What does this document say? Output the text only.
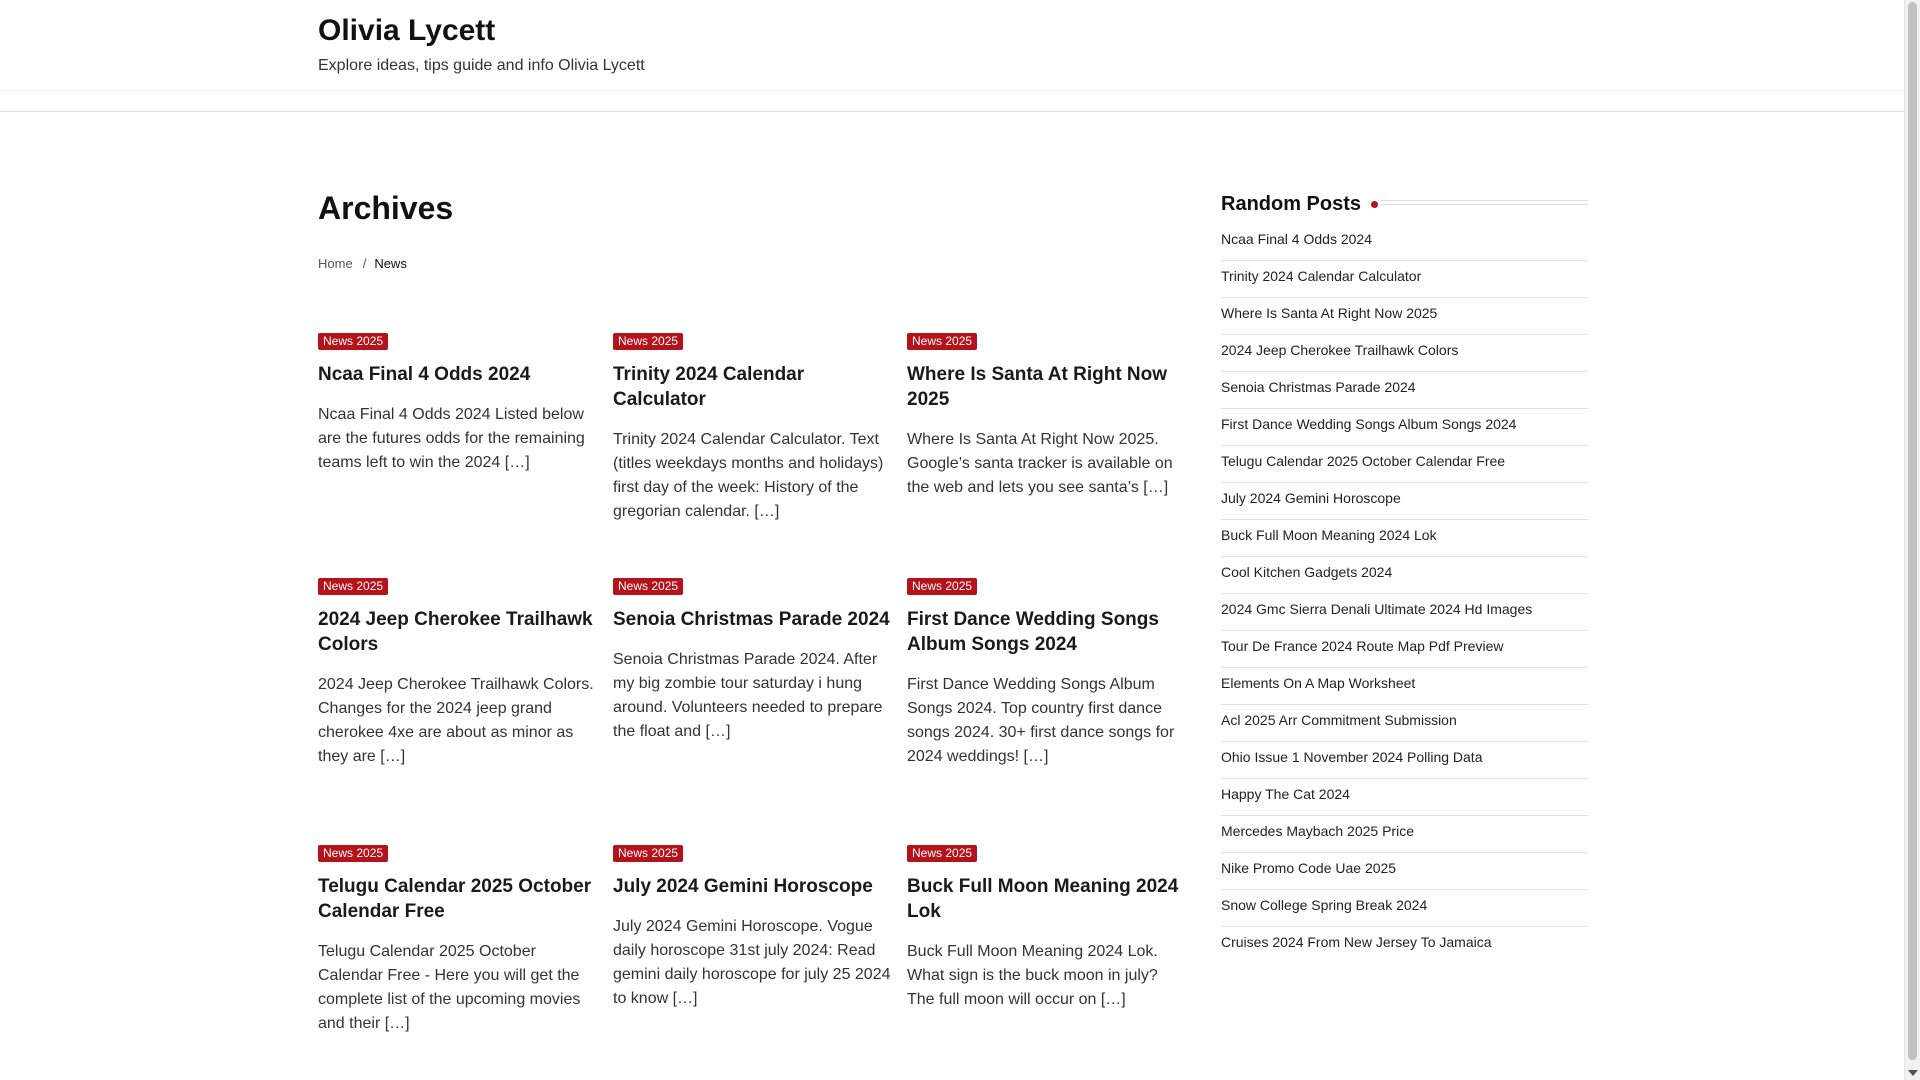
Olivia Lycett
Explore ideas, tips guide and info Olivia Lycett
Archives
Home / News
News 2025
Ncaa Final 4 Odds 2024
Ncaa Final 4 Odds 2024 Listed below are the futures odds for the remaining teams left to win the 2024 […]
News 2025
Trinity 2024 Calendar Calculator
Trinity 2024 Calendar Calculator. Text (titles weekdays months and holidays) first day of the week: History of the gregorian calendar. […]
News 2025
Where Is Santa At Right Now 2025
Where Is Santa At Right Now 2025. Google’s santa tracker is available on the web and lets you see santa’s […]
News 2025
2024 Jeep Cherokee Trailhawk Colors
2024 Jeep Cherokee Trailhawk Colors. Changes for the 2024 jeep grand cherokee 4xe are about as minor as they are […]
News 2025
Senoia Christmas Parade 2024
Senoia Christmas Parade 2024. After my big zombie tour saturday i hung around. Volunteers needed to prepare the float and […]
News 2025
First Dance Wedding Songs Album Songs 2024
First Dance Wedding Songs Album Songs 2024. Top country first dance songs 2024. 30+ first dance songs for 2024 weddings! […]
News 2025
Telugu Calendar 2025 October Calendar Free
Telugu Calendar 2025 October Calendar Free - Here you will get the complete list of the upcoming movies and their […]
News 2025
July 2024 Gemini Horoscope
July 2024 Gemini Horoscope. Vogue daily horoscope 31st july 2024: Read gemini daily horoscope for july 25 2024 to know […]
News 2025
Buck Full Moon Meaning 2024 Lok
Buck Full Moon Meaning 2024 Lok. What sign is the buck moon in july? The full moon will occur on […]
Random Posts
Ncaa Final 4 Odds 2024
Trinity 2024 Calendar Calculator
Where Is Santa At Right Now 2025
2024 Jeep Cherokee Trailhawk Colors
Senoia Christmas Parade 2024
First Dance Wedding Songs Album Songs 2024
Telugu Calendar 2025 October Calendar Free
July 2024 Gemini Horoscope
Buck Full Moon Meaning 2024 Lok
Cool Kitchen Gadgets 2024
2024 Gmc Sierra Denali Ultimate 2024 Hd Images
Tour De France 2024 Route Map Pdf Preview
Elements On A Map Worksheet
Acl 2025 Arr Commitment Submission
Ohio Issue 1 November 2024 Polling Data
Happy The Cat 2024
Mercedes Maybach 2025 Price
Nike Promo Code Uae 2025
Snow College Spring Break 2024
Cruises 2024 From New Jersey To Jamaica
